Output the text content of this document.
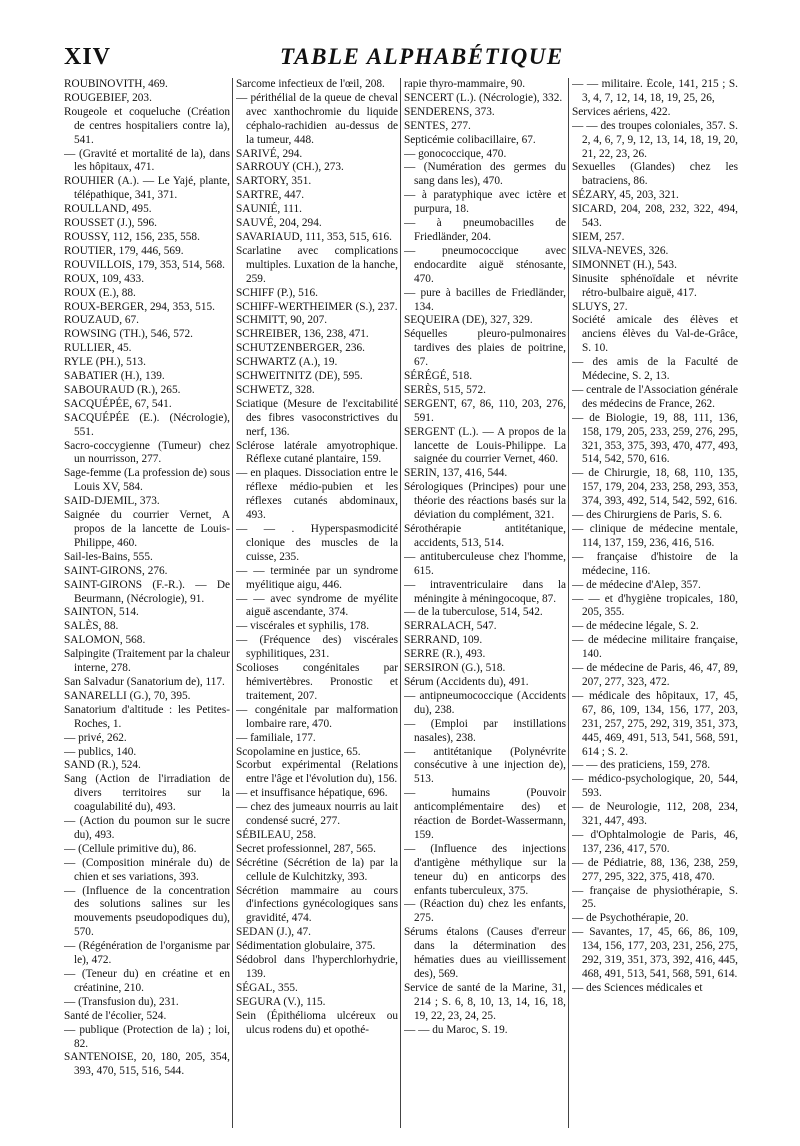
XIV	TABLE ALPHABÉTIQUE

ROUBINOVITH, 469.

ROUGEBIEF, 203.

Rougeole et coqueluche (Création de centres hospitaliers contre la), 541.

— (Gravité et mortalité de la), dans les hôpitaux, 471.

ROUHIER (A.). — Le Yajé, plante, télépathique, 341, 371.

ROULLAND, 495.

ROUSSET (J.), 596.

ROUSSY, 112, 156, 235, 558.

ROUTIER, 179, 446, 569.

ROUVILLOIS, 179, 353, 514, 568.

ROUX, 109, 433.

ROUX (E.), 88.

ROUX-BERGER, 294, 353, 515.

ROUZAUD, 67.

ROWSING (TH.), 546, 572.

RULLIER, 45.

RYLE (PH.), 513.

SABATIER (H.), 139.

SABOURAUD (R.), 265.

SACQUÉPÉE, 67, 541.

SACQUÉPÉE (E.). (Nécrologie), 551.

Sacro-coccygienne (Tumeur) chez un nourrisson, 277.

Sage-femme (La profession de) sous Louis XV, 584.

SAID-DJEMIL, 373.

Saignée du courrier Vernet, A propos de la lancette de Louis-Philippe, 460.

Sail-les-Bains, 555.

SAINT-GIRONS, 276.

SAINT-GIRONS (F.-R.). — De Beurmann, (Nécrologie), 91.

SAINTON, 514.

SALÈS, 88.

SALOMON, 568.

Salpingite (Traitement par la chaleur interne, 278.

San Salvadur (Sanatorium de), 117.

SANARELLI (G.), 70, 395.

Sanatorium d'altitude : les Petites-Roches, 1.

— privé, 262.

— publics, 140.

SAND (R.), 524.

Sang (Action de l'irradiation de divers territoires sur la coagulabilité du), 493.

— (Action du poumon sur le sucre du), 493.

— (Cellule primitive du), 86.

— (Composition minérale du) de chien et ses variations, 393.

— (Influence de la concentration des solutions salines sur les mouvements pseudopodiques du), 570.

— (Régénération de l'organisme par le), 472.

— (Teneur du) en créatine et en créatinine, 210.

— (Transfusion du), 231.

Santé de l'écolier, 524.

— publique (Protection de la) ; loi, 82.

SANTENOISE, 20, 180, 205, 354, 393, 470, 515, 516, 544.

Sarcome infectieux de l'œil, 208.

— périthélial de la queue de cheval avec xanthochromie du liquide céphalo-rachidien au-dessus de la tumeur, 448.

SARIVÉ, 294.

SARROUY (CH.), 273.

SARTORY, 351.

SARTRE, 447.

SAUNIÉ, 111.

SAUVÉ, 204, 294.

SAVARIAUD, 111, 353, 515, 616.

Scarlatine avec complications multiples. Luxation de la hanche, 259.

SCHIFF (P.), 516.

SCHIFF-WERTHEIMER (S.), 237.

SCHMITT, 90, 207.

SCHREIBER, 136, 238, 471.

SCHUTZENBERGER, 236.

SCHWARTZ (A.), 19.

SCHWEITNITZ (DE), 595.

SCHWETZ, 328.

Sciatique (Mesure de l'excitabilité des fibres vasoconstrictives du nerf, 136.

Sclérose latérale amyotrophique. Réflexe cutané plantaire, 159.

— en plaques. Dissociation entre le réflexe médio-pubien et les réflexes cutanés abdominaux, 493.

— — . Hyperspasmodicité clonique des muscles de la cuisse, 235.

— — terminée par un syndrome myélitique aigu, 446.

— — avec syndrome de myélite aiguë ascendante, 374.

— viscérales et syphilis, 178.

— (Fréquence des) viscérales syphilitiques, 231.

Scolioses congénitales par hémivertèbres. Pronostic et traitement, 207.

— congénitale par malformation lombaire rare, 470.

— familiale, 177.

Scopolamine en justice, 65.

Scorbut expérimental (Relations entre l'âge et l'évolution du), 156.

— et insuffisance hépatique, 696.

— chez des jumeaux nourris au lait condensé sucré, 277.

SÉBILEAU, 258.

Secret professionnel, 287, 565.

Sécrétine (Sécrétion de la) par la cellule de Kulchitzky, 393.

Sécrétion mammaire au cours d'infections gynécologiques sans gravidité, 474.

SEDAN (J.), 47.

Sédimentation globulaire, 375.

Sédobrol dans l'hyperchlorhydrie, 139.

SÉGAL, 355.

SEGURA (V.), 115.

Sein (Épithélioma ulcéreux ou ulcus rodens du) et opothé-

rapie thyro-mammaire, 90.

SENCERT (L.). (Nécrologie), 332.

SENDERENS, 373.

SENTES, 277.

Septicémie colibacillaire, 67.

— gonococcique, 470.

— (Numération des germes du sang dans les), 470.

— à paratyphique avec ictère et purpura, 18.

— à pneumobacilles de Friedländer, 204.

— pneumococcique avec endocardite aiguë sténosante, 470.

— pure à bacilles de Friedländer, 134.

SEQUEIRA (DE), 327, 329.

Séquelles pleuro-pulmonaires tardives des plaies de poitrine, 67.

SÉRÉGÉ, 518.

SERÈS, 515, 572.

SERGENT, 67, 86, 110, 203, 276, 591.

SERGENT (L.). — A propos de la lancette de Louis-Philippe. La saignée du courrier Vernet, 460.

SERIN, 137, 416, 544.

Sérologiques (Principes) pour une théorie des réactions basés sur la déviation du complément, 321.

Sérothérapie antitétanique, accidents, 513, 514.

— antituberculeuse chez l'homme, 615.

— intraventriculaire dans la méningite à méningocoque, 87.

— de la tuberculose, 514, 542.

SERRALACH, 547.

SERRAND, 109.

SERRE (R.), 493.

SERSIRON (G.), 518.

Sérum (Accidents du), 491.

— antipneumococcique (Accidents du), 238.

— (Emploi par instillations nasales), 238.

— antitétanique (Polynévrite consécutive à une injection de), 513.

— humains (Pouvoir anticomplémentaire des) et réaction de Bordet-Wassermann, 159.

— (Influence des injections d'antigène méthylique sur la teneur du) en anticorps des enfants tuberculeux, 375.

— (Réaction du) chez les enfants, 275.

Sérums étalons (Causes d'erreur dans la détermination des hématies dues au vieillissement des), 569.

Service de santé de la Marine, 31, 214 ; S. 6, 8, 10, 13, 14, 16, 18, 19, 22, 23, 24, 25.

— — du Maroc, S. 19.

— — militaire. École, 141, 215 ; S. 3, 4, 7, 12, 14, 18, 19, 25, 26,

Services aériens, 422.

— — des troupes coloniales, 357. S. 2, 4, 6, 7, 9, 12, 13, 14, 18, 19, 20, 21, 22, 23, 26.

Sexuelles (Glandes) chez les batraciens, 86.

SÉZARY, 45, 203, 321.

SICARD, 204, 208, 232, 322, 494, 543.

SIEM, 257.

SILVA-NEVES, 326.

SIMONNET (H.), 543.

Sinusite sphénoïdale et névrite rétro-bulbaire aiguë, 417.

SLUYS, 27.

Société amicale des élèves et anciens élèves du Val-de-Grâce, S. 10.

— des amis de la Faculté de Médecine, S. 2, 13.

— centrale de l'Association générale des médecins de France, 262.

— de Biologie, 19, 88, 111, 136, 158, 179, 205, 233, 259, 276, 295, 321, 353, 375, 393, 470, 477, 493, 514, 542, 570, 616.

— de Chirurgie, 18, 68, 110, 135, 157, 179, 204, 233, 258, 293, 353, 374, 393, 492, 514, 542, 592, 616.

— des Chirurgiens de Paris, S. 6.

— clinique de médecine mentale, 114, 137, 159, 236, 416, 516.

— française d'histoire de la médecine, 116.

— de médecine d'Alep, 357.

— — et d'hygiène tropicales, 180, 205, 355.

— de médecine légale, S. 2.

— de médecine militaire française, 140.

— de médecine de Paris, 46, 47, 89, 207, 277, 323, 472.

— médicale des hôpitaux, 17, 45, 67, 86, 109, 134, 156, 177, 203, 231, 257, 275, 292, 319, 351, 373, 445, 469, 491, 513, 541, 568, 591, 614 ; S. 2.

— — des praticiens, 159, 278.

— médico-psychologique, 20, 544, 593.

— de Neurologie, 112, 208, 234, 321, 447, 493.

— d'Ophtalmologie de Paris, 46, 137, 236, 417, 570.

— de Pédiatrie, 88, 136, 238, 259, 277, 295, 322, 375, 418, 470.

— française de physiothérapie, S. 25.

— de Psychothérapie, 20.

— Savantes, 17, 45, 66, 86, 109, 134, 156, 177, 203, 231, 256, 275, 292, 319, 351, 373, 392, 416, 445, 468, 491, 513, 541, 568, 591, 614.

— des Sciences médicales et
